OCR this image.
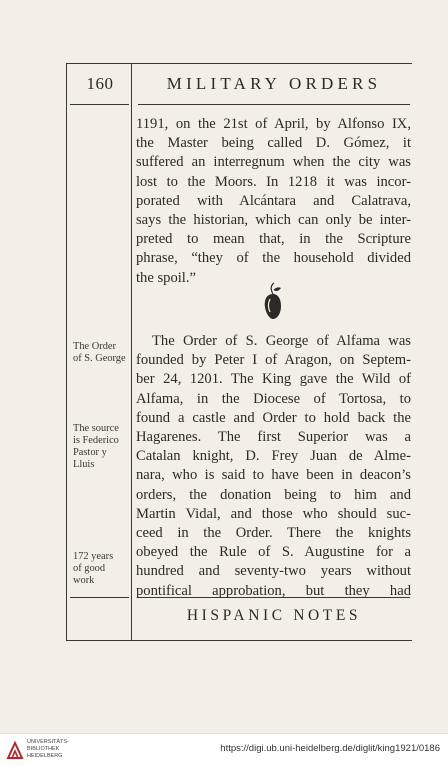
160	MILITARY ORDERS
1191, on the 21st of April, by Alfonso IX,
the Master being called D. Gómez, it
suffered an interregnum when the city was
lost to the Moors. In 1218 it was incor-
porated with Alcántara and Calatrava,
says the historian, which can only be inter-
preted to mean that, in the Scripture
phrase, “they of the household divided
the spoil.”
The Order of S. George of Alfama was
founded by Peter I of Aragon, on Septem-
ber 24, 1201. The King gave the Wild of
Alfama, in the Diocese of Tortosa, to
found a castle and Order to hold back the
Hagarenes. The first Superior was a
Catalan knight, D. Frey Juan de Alme-
nara, who is said to have been in deacon’s
orders, the donation being to him and
Martin Vidal, and those who should suc-
ceed in the Order. There the knights
obeyed the Rule of S. Augustine for a
hundred and seventy-two years without
pontifical approbation, but they had
The Order
of S. George
The source
is Federico
Pastor y
Lluis
172 years
of good
work
HISPANIC NOTES
UNIVERSITÄTS-
BIBLIOTHEK
HEIDELBERG
https://digi.ub.uni-heidelberg.de/diglit/king1921/0186
